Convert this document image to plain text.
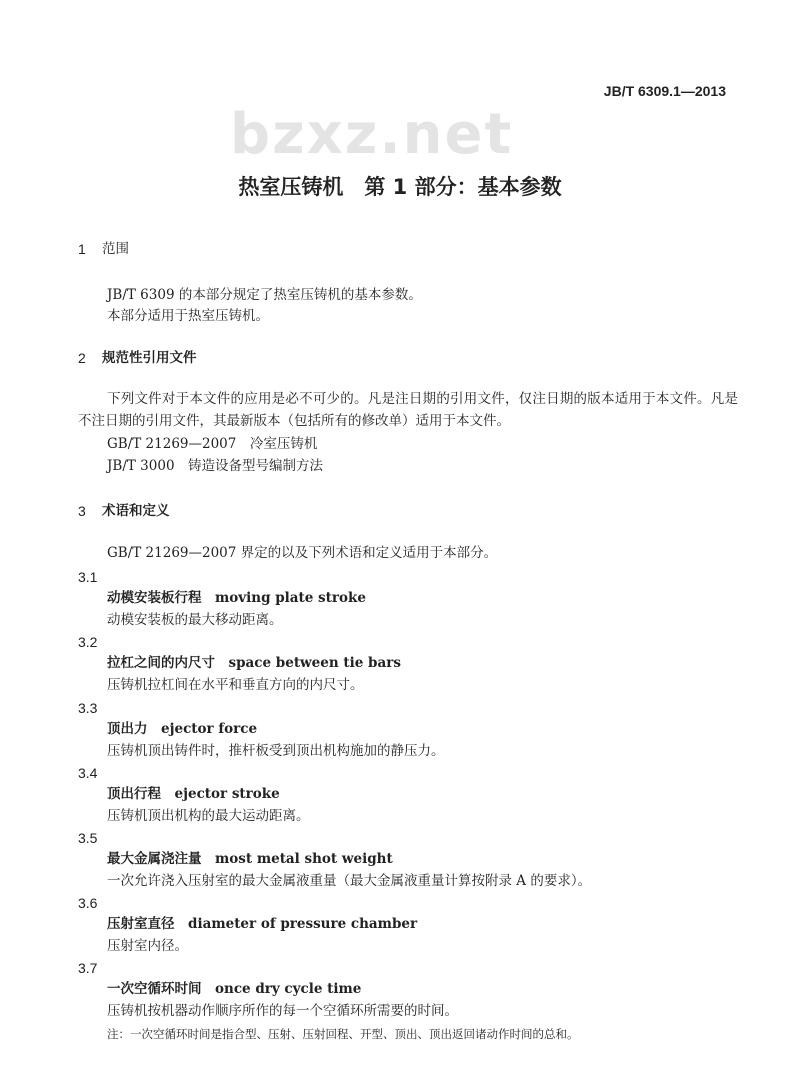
bzxz.net
JB/T 6309.1—2013
热室压铸机　第 1 部分：基本参数
1 范围
JB/T 6309 的本部分规定了热室压铸机的基本参数。
本部分适用于热室压铸机。
2 规范性引用文件
下列文件对于本文件的应用是必不可少的。凡是注日期的引用文件，仅注日期的版本适用于本文件。凡是不注日期的引用文件，其最新版本（包括所有的修改单）适用于本文件。
GB/T 21269—2007　冷室压铸机
JB/T 3000　铸造设备型号编制方法
3 术语和定义
GB/T 21269—2007 界定的以及下列术语和定义适用于本部分。
3.1
动模安装板行程　moving plate stroke
动模安装板的最大移动距离。
3.2
拉杠之间的内尺寸　space between tie bars
压铸机拉杠间在水平和垂直方向的内尺寸。
3.3
顶出力　ejector force
压铸机顶出铸件时，推杆板受到顶出机构施加的静压力。
3.4
顶出行程　ejector stroke
压铸机顶出机构的最大运动距离。
3.5
最大金属浇注量　most metal shot weight
一次允许浇入压射室的最大金属液重量（最大金属液重量计算按附录 A 的要求）。
3.6
压射室直径　diameter of pressure chamber
压射室内径。
3.7
一次空循环时间　once dry cycle time
压铸机按机器动作顺序所作的每一个空循环所需要的时间。
注：一次空循环时间是指合型、压射、压射回程、开型、顶出、顶出返回诸动作时间的总和。
